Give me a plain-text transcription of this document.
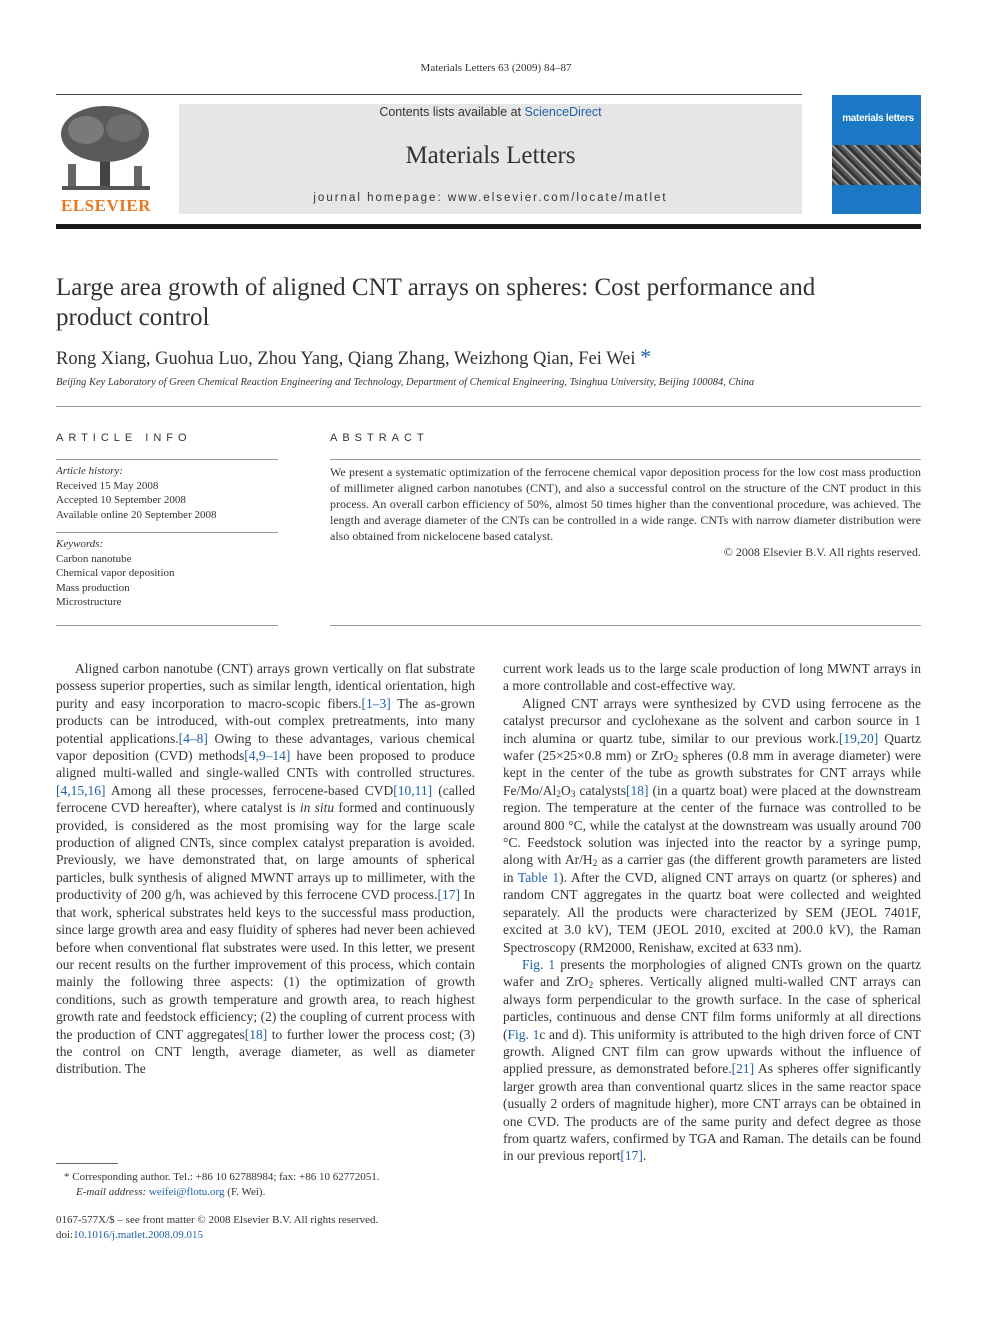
Materials Letters 63 (2009) 84–87
ELSEVIER
Contents lists available at ScienceDirect
Materials Letters
journal homepage: www.elsevier.com/locate/matlet
materials letters
Large area growth of aligned CNT arrays on spheres: Cost performance and product control
Rong Xiang, Guohua Luo, Zhou Yang, Qiang Zhang, Weizhong Qian, Fei Wei *
Beijing Key Laboratory of Green Chemical Reaction Engineering and Technology, Department of Chemical Engineering, Tsinghua University, Beijing 100084, China
ARTICLE INFO
Article history:
Received 15 May 2008
Accepted 10 September 2008
Available online 20 September 2008
Keywords:
Carbon nanotube
Chemical vapor deposition
Mass production
Microstructure
ABSTRACT
We present a systematic optimization of the ferrocene chemical vapor deposition process for the low cost mass production of millimeter aligned carbon nanotubes (CNT), and also a successful control on the structure of the CNT product in this process. An overall carbon efficiency of 50%, almost 50 times higher than the conventional procedure, was achieved. The length and average diameter of the CNTs can be controlled in a wide range. CNTs with narrow diameter distribution were also obtained from nickelocene based catalyst.
© 2008 Elsevier B.V. All rights reserved.

Aligned carbon nanotube (CNT) arrays grown vertically on flat substrate possess superior properties, such as similar length, identical orientation, high purity and easy incorporation to macro-scopic fibers.[1–3] The as-grown products can be introduced, with-out complex pretreatments, into many potential applications.[4–8] Owing to these advantages, various chemical vapor deposition (CVD) methods[4,9–14] have been proposed to produce aligned multi-walled and single-walled CNTs with controlled structures.[4,15,16] Among all these processes, ferrocene-based CVD[10,11] (called ferrocene CVD hereafter), where catalyst is in situ formed and continuously provided, is considered as the most promising way for the large scale production of aligned CNTs, since complex catalyst preparation is avoided. Previously, we have demonstrated that, on large amounts of spherical particles, bulk synthesis of aligned MWNT arrays up to millimeter, with the productivity of 200 g/h, was achieved by this ferrocene CVD process.[17] In that work, spherical substrates held keys to the successful mass production, since large growth area and easy fluidity of spheres had never been achieved before when conventional flat substrates were used. In this letter, we present our recent results on the further improvement of this process, which contain mainly the following three aspects: (1) the optimization of growth conditions, such as growth temperature and growth area, to reach highest growth rate and feedstock efficiency; (2) the coupling of current process with the production of CNT aggregates[18] to further lower the process cost; (3) the control on CNT length, average diameter, as well as diameter distribution. The

* Corresponding author. Tel.: +86 10 62788984; fax: +86 10 62772051.
E-mail address: weifei@flotu.org (F. Wei).
0167-577X/$ – see front matter © 2008 Elsevier B.V. All rights reserved.
doi:10.1016/j.matlet.2008.09.015

current work leads us to the large scale production of long MWNT arrays in a more controllable and cost-effective way.

Aligned CNT arrays were synthesized by CVD using ferrocene as the catalyst precursor and cyclohexane as the solvent and carbon source in 1 inch alumina or quartz tube, similar to our previous work.[19,20] Quartz wafer (25×25×0.8 mm) or ZrO$_2$ spheres (0.8 mm in average diameter) were kept in the center of the tube as growth substrates for CNT arrays while $Fe/Mo/Al_2O_3$ catalysts[18] (in a quartz boat) were placed at the downstream region. The temperature at the center of the furnace was controlled to be around 800 °C, while the catalyst at the downstream was usually around 700 °C. Feedstock solution was injected into the reactor by a syringe pump, along with $Ar/H_2$ as a carrier gas (the different growth parameters are listed in Table 1). After the CVD, aligned CNT arrays on quartz (or spheres) and random CNT aggregates in the quartz boat were collected and weighted separately. All the products were characterized by SEM (JEOL 7401F, excited at 3.0 kV), TEM (JEOL 2010, excited at 200.0 kV), the Raman Spectroscopy (RM2000, Renishaw, excited at 633 nm).

Fig. 1 presents the morphologies of aligned CNTs grown on the quartz wafer and ZrO$_2$ spheres. Vertically aligned multi-walled CNT arrays can always form perpendicular to the growth surface. In the case of spherical particles, continuous and dense CNT film forms uniformly at all directions (Fig. 1c and d). This uniformity is attributed to the high driven force of CNT growth. Aligned CNT film can grow upwards without the influence of applied pressure, as demonstrated before.[21] As spheres offer significantly larger growth area than conventional quartz slices in the same reactor space (usually 2 orders of magnitude higher), more CNT arrays can be obtained in one CVD. The products are of the same purity and defect degree as those from quartz wafers, confirmed by TGA and Raman. The details can be found in our previous report[17].
